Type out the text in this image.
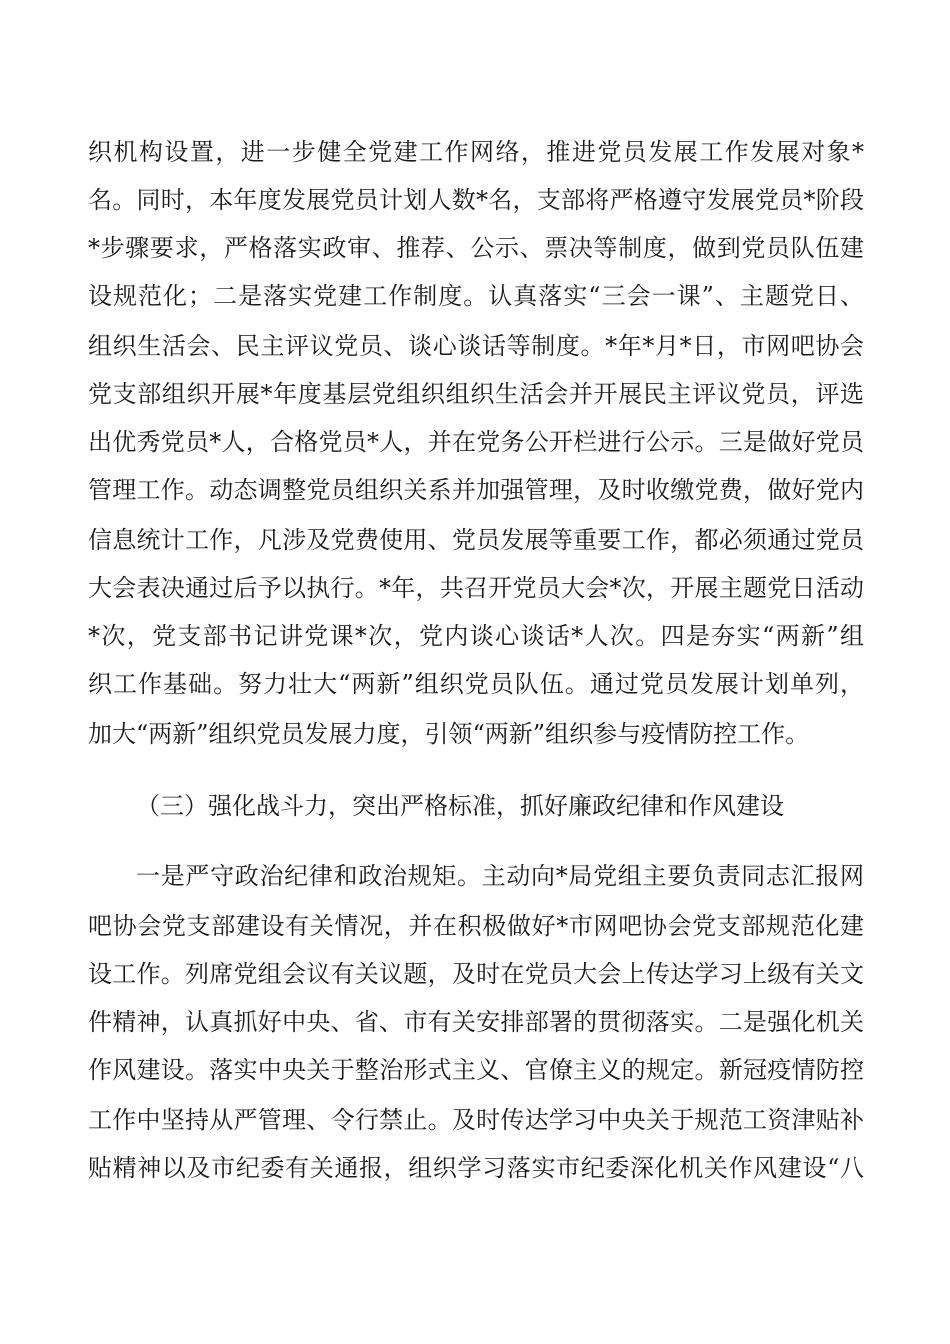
织机构设置，进一步健全党建工作网络，推进党员发展工作发展对象*
名。同时，本年度发展党员计划人数*名，支部将严格遵守发展党员*阶段
*步骤要求，严格落实政审、推荐、公示、票决等制度，做到党员队伍建
设规范化；二是落实党建工作制度。认真落实“三会一课”、主题党日、
组织生活会、民主评议党员、谈心谈话等制度。*年*月*日，市网吧协会
党支部组织开展*年度基层党组织组织生活会并开展民主评议党员，评选
出优秀党员*人，合格党员*人，并在党务公开栏进行公示。三是做好党员
管理工作。动态调整党员组织关系并加强管理，及时收缴党费，做好党内
信息统计工作，凡涉及党费使用、党员发展等重要工作，都必须通过党员
大会表决通过后予以执行。*年，共召开党员大会*次，开展主题党日活动
*次，党支部书记讲党课*次，党内谈心谈话*人次。四是夯实“两新”组
织工作基础。努力壮大“两新”组织党员队伍。通过党员发展计划单列，
加大“两新”组织党员发展力度，引领“两新”组织参与疫情防控工作。
（三）强化战斗力，突出严格标准，抓好廉政纪律和作风建设
一是严守政治纪律和政治规矩。主动向*局党组主要负责同志汇报网
吧协会党支部建设有关情况，并在积极做好*市网吧协会党支部规范化建
设工作。列席党组会议有关议题，及时在党员大会上传达学习上级有关文
件精神，认真抓好中央、省、市有关安排部署的贯彻落实。二是强化机关
作风建设。落实中央关于整治形式主义、官僚主义的规定。新冠疫情防控
工作中坚持从严管理、令行禁止。及时传达学习中央关于规范工资津贴补
贴精神以及市纪委有关通报，组织学习落实市纪委深化机关作风建设“八
